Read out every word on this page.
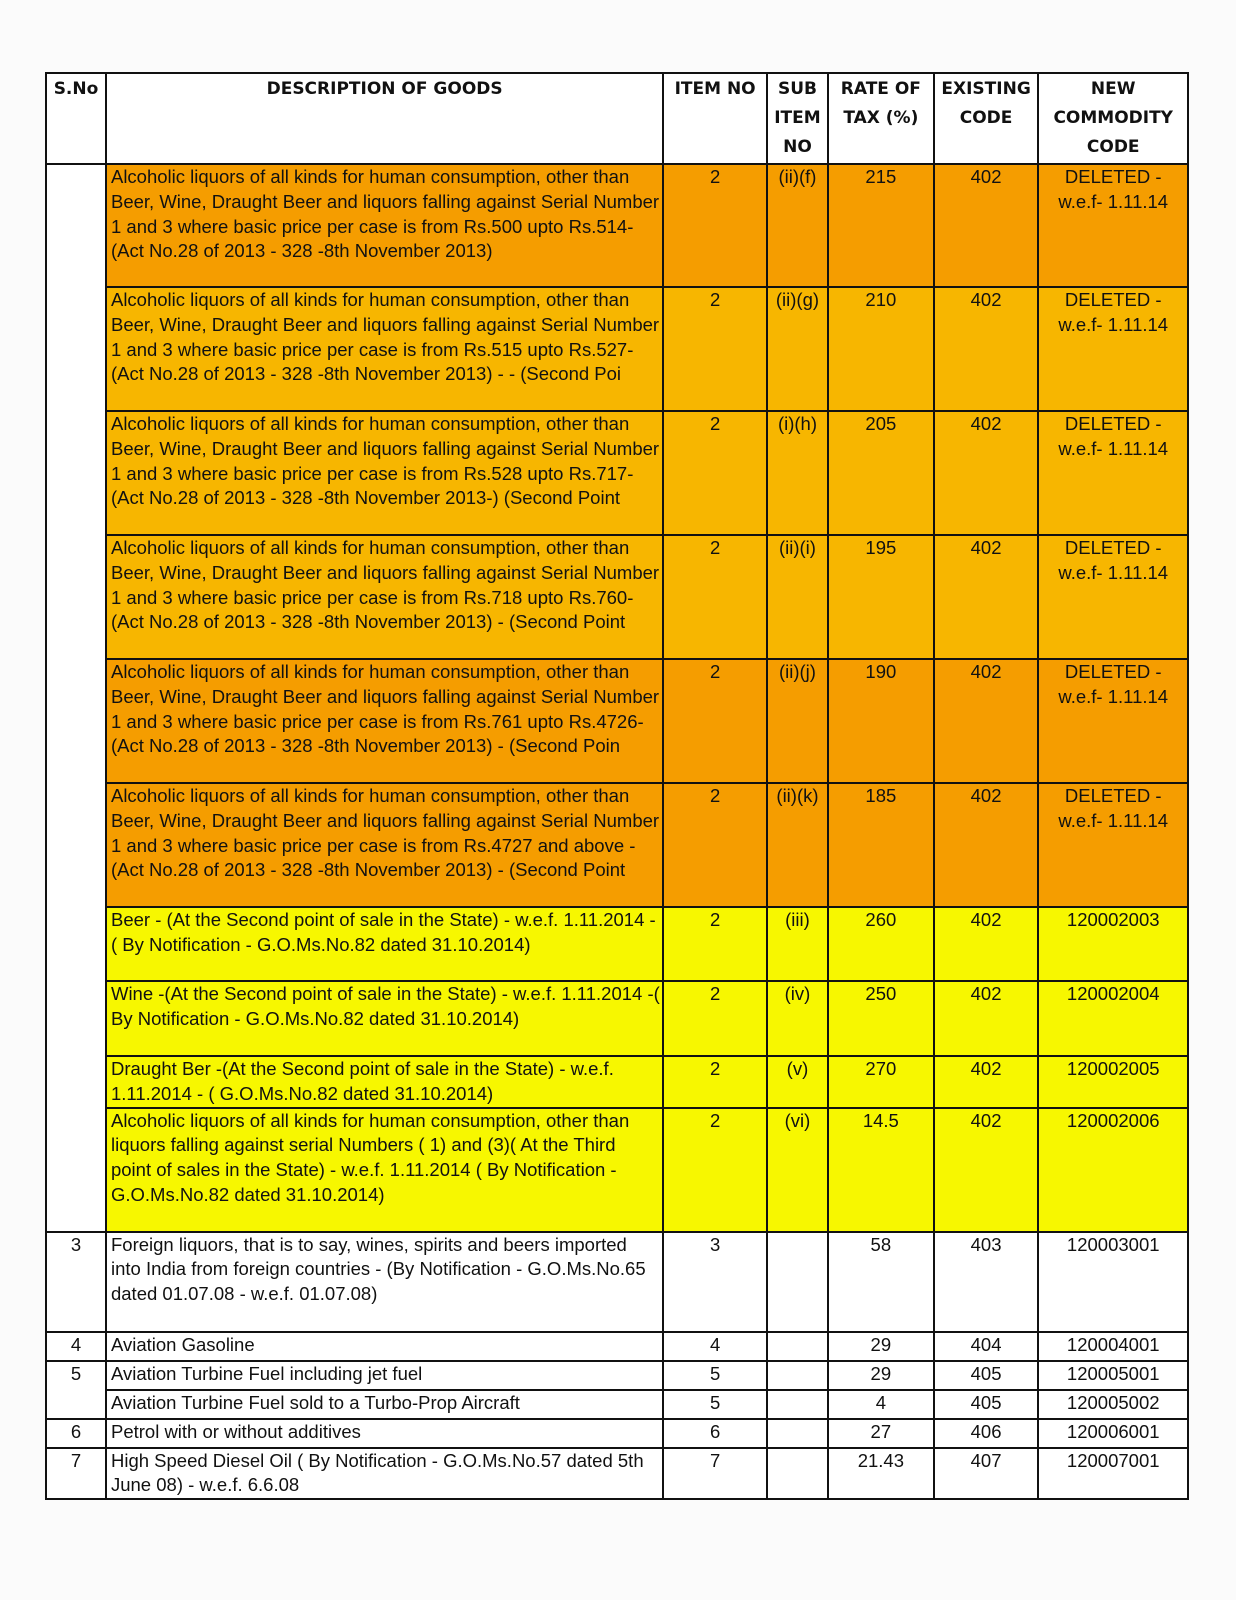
S.No	DESCRIPTION OF GOODS	ITEM NO	SUB ITEM NO	RATE OF TAX (%)	EXISTING CODE	NEW COMMODITY CODE
	Alcoholic liquors of all kinds for human consumption, other than Beer, Wine, Draught Beer and liquors falling against Serial Number 1 and 3 where basic price per case is from Rs.500 upto Rs.514- (Act No.28 of 2013 - 328 -8th November 2013)	2	(ii)(f)	215	402	DELETED - w.e.f- 1.11.14
	Alcoholic liquors of all kinds for human consumption, other than Beer, Wine, Draught Beer and liquors falling against Serial Number 1 and 3 where basic price per case is from Rs.515 upto Rs.527- (Act No.28 of 2013 - 328 -8th November 2013) - - (Second Poi	2	(ii)(g)	210	402	DELETED - w.e.f- 1.11.14
	Alcoholic liquors of all kinds for human consumption, other than Beer, Wine, Draught Beer and liquors falling against Serial Number 1 and 3 where basic price per case is from Rs.528 upto Rs.717- (Act No.28 of 2013 - 328 -8th November 2013-) (Second Point	2	(i)(h)	205	402	DELETED - w.e.f- 1.11.14
	Alcoholic liquors of all kinds for human consumption, other than Beer, Wine, Draught Beer and liquors falling against Serial Number 1 and 3 where basic price per case is from Rs.718 upto Rs.760- (Act No.28 of 2013 - 328 -8th November 2013) - (Second Point	2	(ii)(i)	195	402	DELETED - w.e.f- 1.11.14
	Alcoholic liquors of all kinds for human consumption, other than Beer, Wine, Draught Beer and liquors falling against Serial Number 1 and 3 where basic price per case is from Rs.761 upto Rs.4726- (Act No.28 of 2013 - 328 -8th November 2013) - (Second Poin	2	(ii)(j)	190	402	DELETED - w.e.f- 1.11.14
	Alcoholic liquors of all kinds for human consumption, other than Beer, Wine, Draught Beer and liquors falling against Serial Number 1 and 3 where basic price per case is from Rs.4727 and above - (Act No.28 of 2013 - 328 -8th November 2013) - (Second Point	2	(ii)(k)	185	402	DELETED - w.e.f- 1.11.14
	Beer - (At the Second point of sale in the State) - w.e.f. 1.11.2014 - ( By Notification - G.O.Ms.No.82 dated 31.10.2014)	2	(iii)	260	402	120002003
	Wine -(At the Second point of sale in the State) - w.e.f. 1.11.2014 -( By Notification - G.O.Ms.No.82 dated 31.10.2014)	2	(iv)	250	402	120002004
	Draught Ber -(At the Second point of sale in the State) - w.e.f. 1.11.2014 - ( G.O.Ms.No.82 dated 31.10.2014)	2	(v)	270	402	120002005
	Alcoholic liquors of all kinds for human consumption, other than liquors falling against serial Numbers ( 1) and (3)( At the Third point of sales in the State) - w.e.f. 1.11.2014 ( By Notification - G.O.Ms.No.82 dated 31.10.2014)	2	(vi)	14.5	402	120002006
3	Foreign liquors, that is to say, wines, spirits and beers imported into India from foreign countries - (By Notification - G.O.Ms.No.65 dated 01.07.08 - w.e.f. 01.07.08)	3		58	403	120003001
4	Aviation Gasoline	4		29	404	120004001
5	Aviation Turbine Fuel including jet fuel	5		29	405	120005001
	Aviation Turbine Fuel sold to a Turbo-Prop Aircraft	5		4	405	120005002
6	Petrol with or without additives	6		27	406	120006001
7	High Speed Diesel Oil ( By Notification - G.O.Ms.No.57 dated 5th June 08) - w.e.f. 6.6.08	7		21.43	407	120007001
